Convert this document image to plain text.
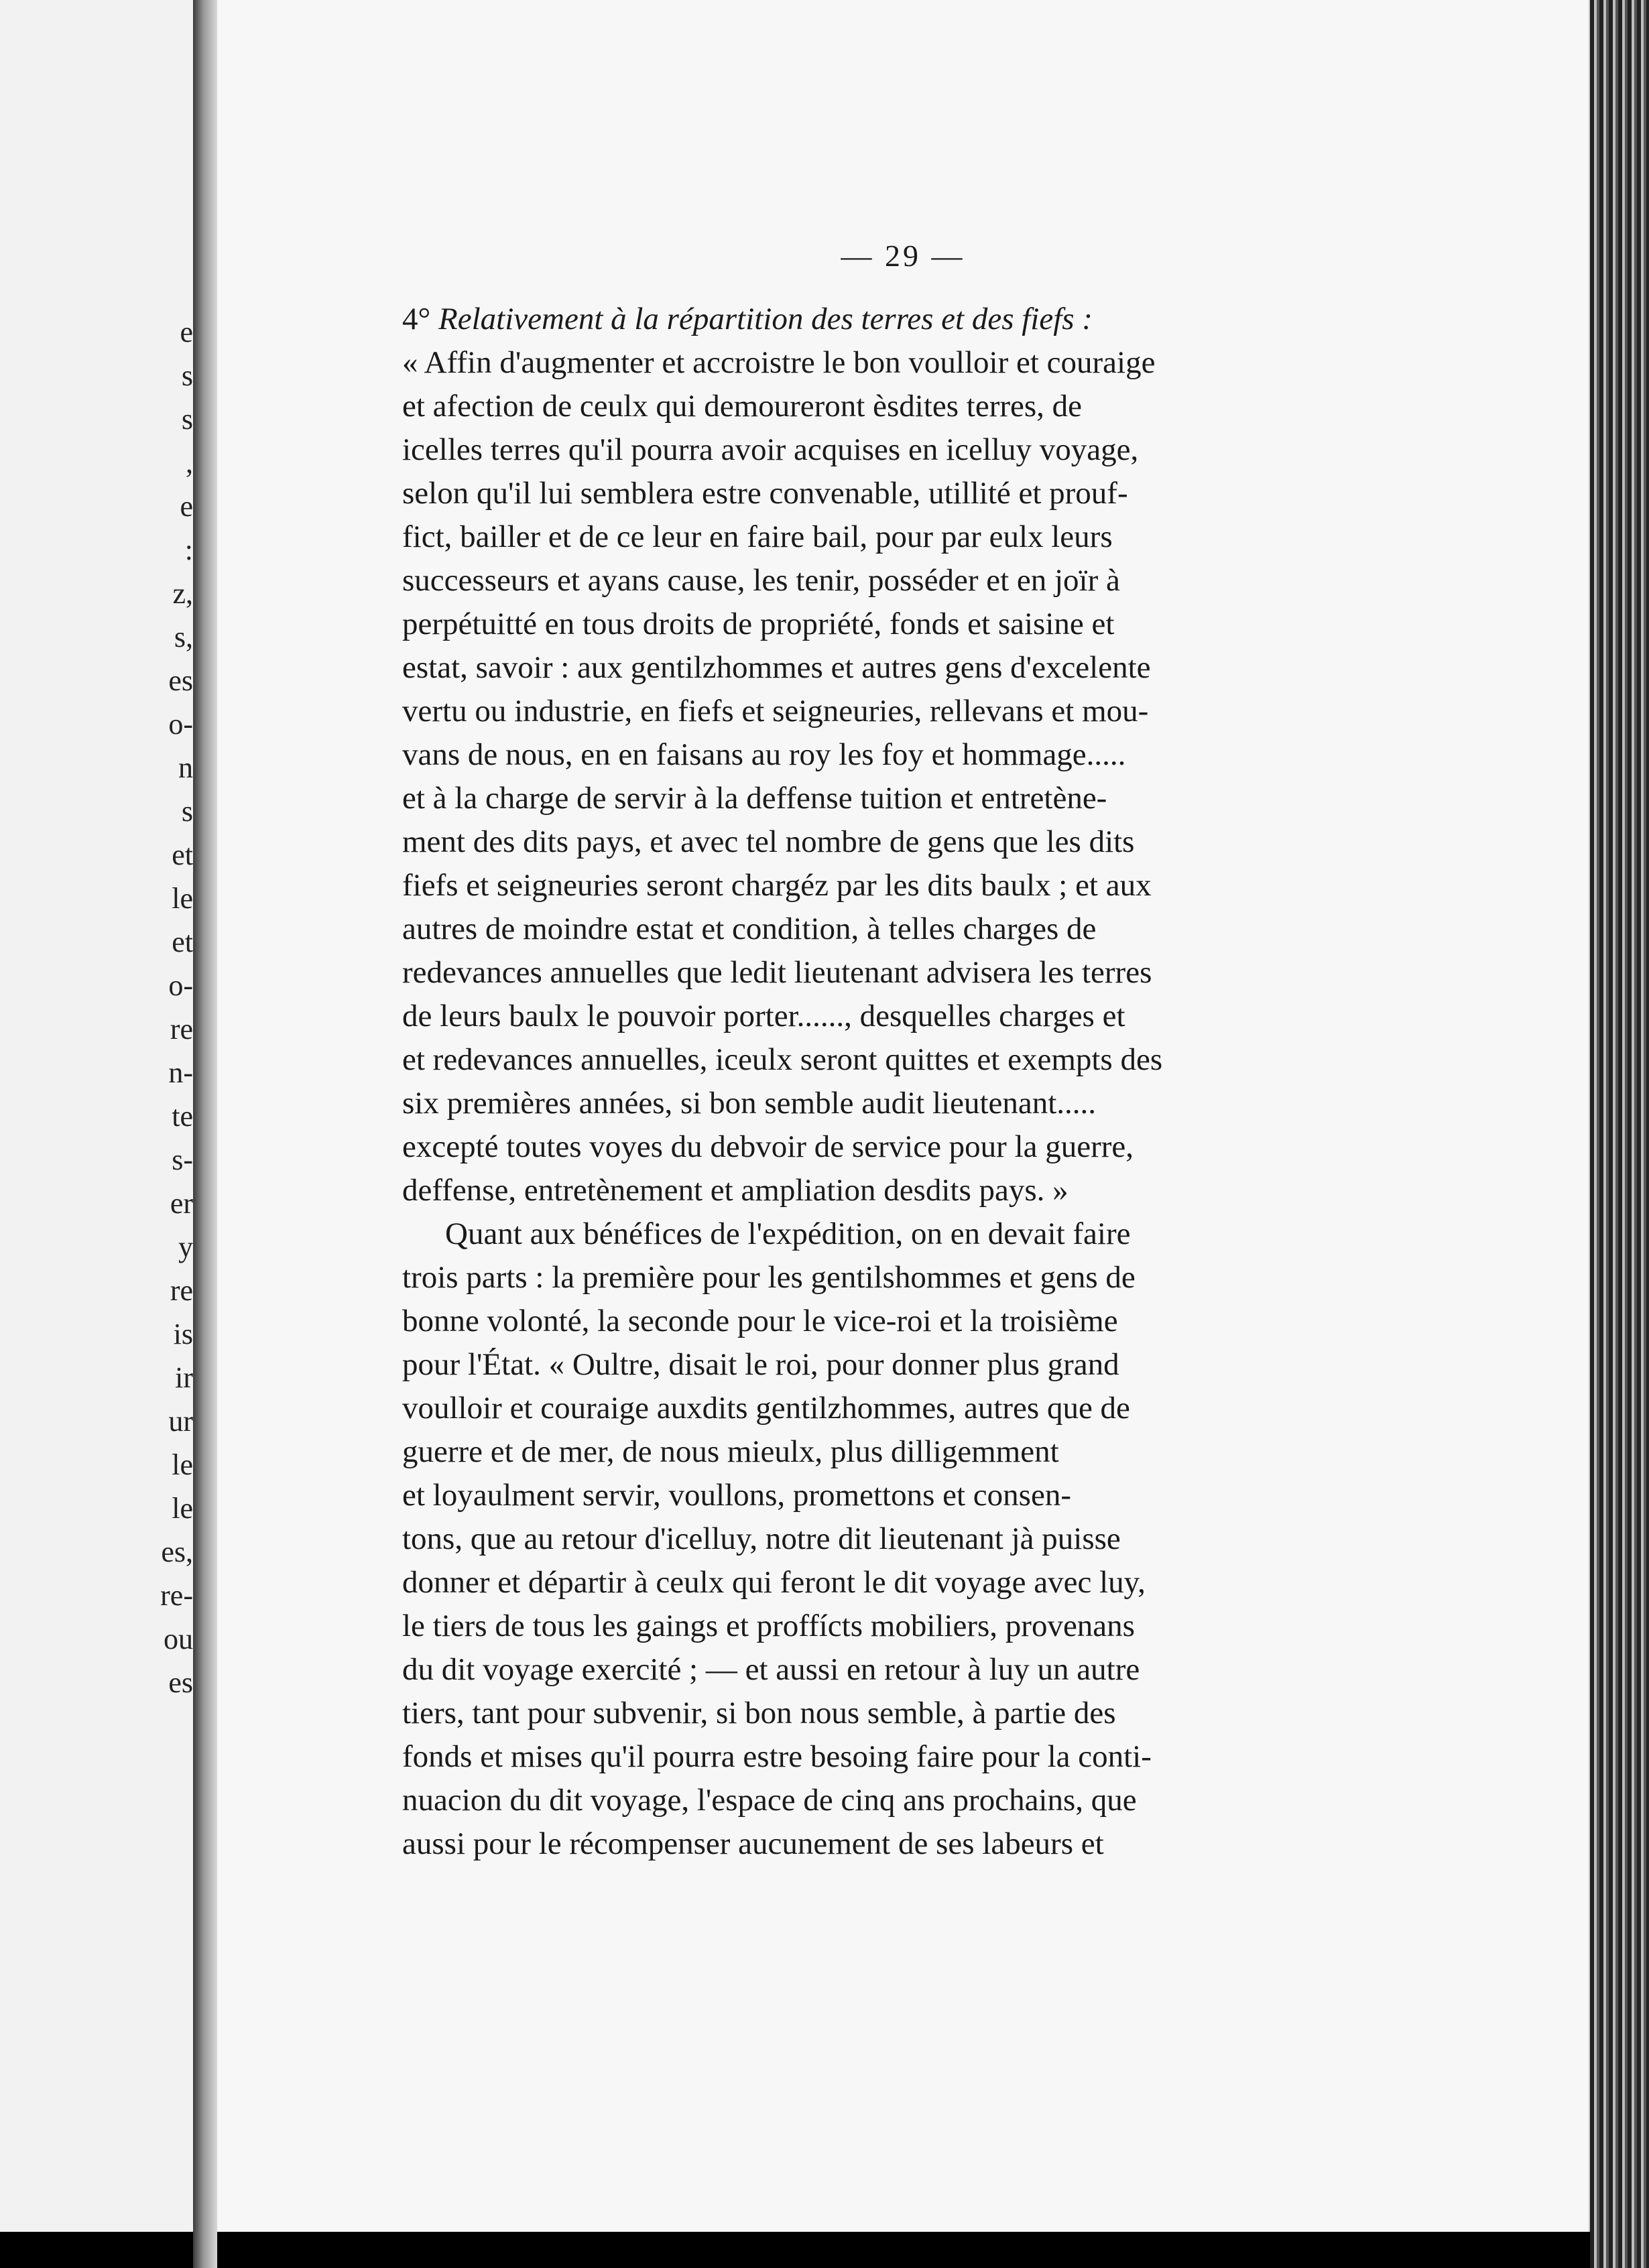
e
s
s
,
e
:
z,
s,
es
o-
n
s
et
le
et
o-
re
n-
te
s-
er
y
re
is
ir
ur
le
le
es,
re-
ou
es
— 29 —
4°
Relativement à la répartition des terres et des fiefs :
« Affin d'augmenter et accroistre le bon voulloir et couraige
et afection de ceulx qui demoureront èsdites terres, de
icelles terres qu'il pourra avoir acquises en icelluy voyage,
selon qu'il lui semblera estre convenable, utillité et prouf-
fict, bailler et de ce leur en faire bail, pour par eulx leurs
successeurs et ayans cause, les tenir, posséder et en joïr à
perpétuitté en tous droits de propriété, fonds et saisine et
estat, savoir : aux gentilzhommes et autres gens d'excelente
vertu ou industrie, en fiefs et seigneuries, rellevans et mou-
vans de nous, en en faisans au roy les foy et hommage.....
et à la charge de servir à la deffense tuition et entretène-
ment des dits pays, et avec tel nombre de gens que les dits
fiefs et seigneuries seront chargéz par les dits baulx ; et aux
autres de moindre estat et condition, à telles charges de
redevances annuelles que ledit lieutenant advisera les terres
de leurs baulx le pouvoir porter......, desquelles charges et
et redevances annuelles, iceulx seront quittes et exempts des
six premières années, si bon semble audit lieutenant.....
excepté toutes voyes du debvoir de service pour la guerre,
deffense, entretènement et ampliation desdits pays. »
Quant aux bénéfices de l'expédition, on en devait faire
trois parts : la première pour les gentilshommes et gens de
bonne volonté, la seconde pour le vice-roi et la troisième
pour l'État. « Oultre, disait le roi, pour donner plus grand
voulloir et couraige auxdits gentilzhommes, autres que de
guerre et de mer, de nous mieulx, plus dilligemment
et loyaulment servir, voullons, promettons et consen-
tons, que au retour d'icelluy, notre dit lieutenant jà puisse
donner et départir à ceulx qui feront le dit voyage avec luy,
le tiers de tous les gaings et proffícts mobiliers, provenans
du dit voyage exercité ; — et aussi en retour à luy un autre
tiers, tant pour subvenir, si bon nous semble, à partie des
fonds et mises qu'il pourra estre besoing faire pour la conti-
nuacion du dit voyage, l'espace de cinq ans prochains, que
aussi pour le récompenser aucunement de ses labeurs et
